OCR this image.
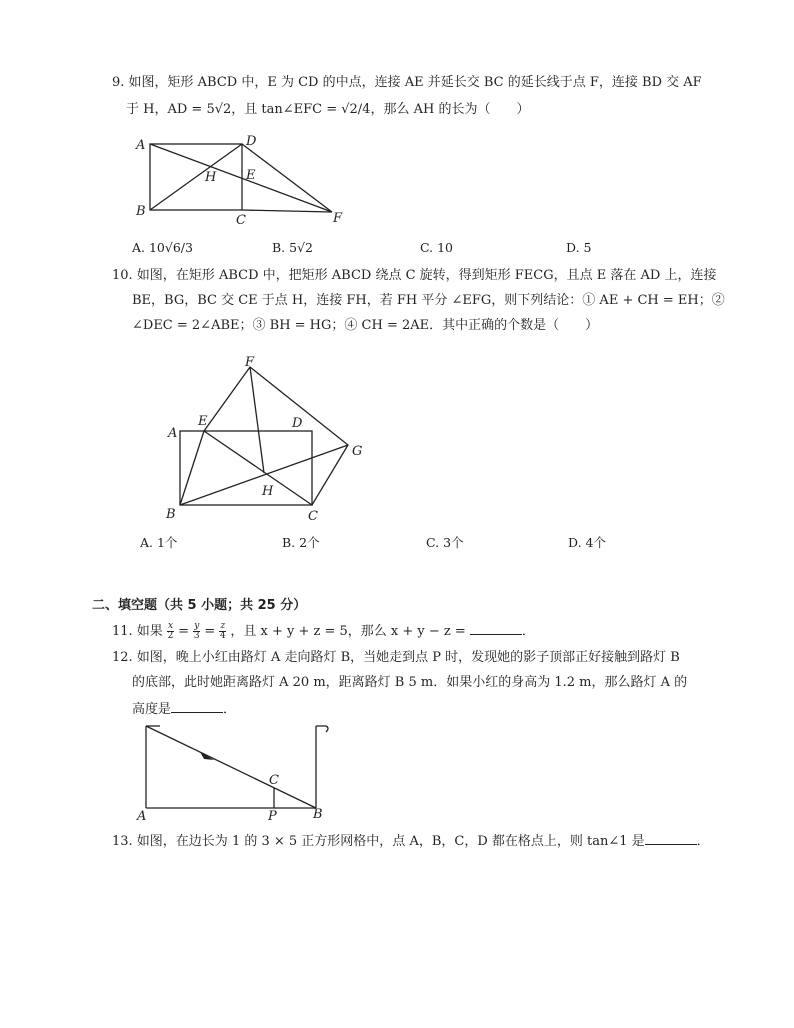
9. 如图，矩形 ABCD 中，E 为 CD 的中点，连接 AE 并延长交 BC 的延长线于点 F，连接 BD 交 AF
于 H，AD = 5√2，且 tan∠EFC = √2/4，那么 AH 的长为（　　）
A	D
H E
B
C	F
A. 10√6/3	B. 5√2	C. 10	D. 5
10. 如图，在矩形 ABCD 中，把矩形 ABCD 绕点 C 旋转，得到矩形 FECG，且点 E 落在 AD 上，连接
BE，BG，BC 交 CE 于点 H，连接 FH，若 FH 平分 ∠EFG，则下列结论：① AE + CH = EH；②
∠DEC = 2∠ABE；③ BH = HG；④ CH = 2AE．其中正确的个数是（　　）
F
E	D
A
G
H
B	C
A. 1个	B. 2个	C. 3个	D. 4个
二、填空题（共 5 小题；共 25 分）
11. 如果 $\frac{x}{2} = \frac{y}{3} = \frac{z}{4}$ ，且 x + y + z = 5，那么 x + y − z =	．
12. 如图，晚上小红由路灯 A 走向路灯 B，当她走到点 P 时，发现她的影子顶部正好接触到路灯 B
的底部，此时她距离路灯 A 20 m，距离路灯 B 5 m．如果小红的身高为 1.2 m，那么路灯 A 的
高度是	．
C
A	P	B
13. 如图，在边长为 1 的 3 × 5 正方形网格中，点 A，B，C，D 都在格点上，则 tan∠1 是	．
